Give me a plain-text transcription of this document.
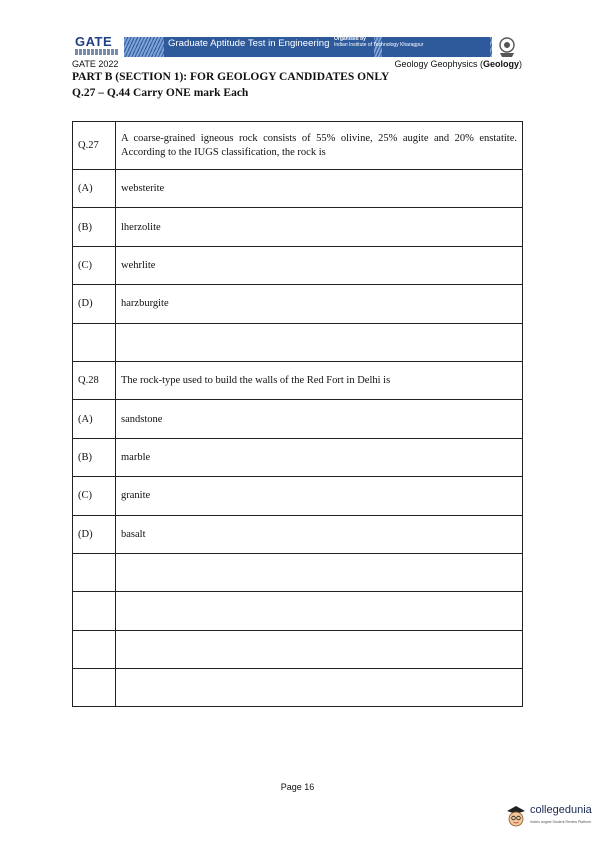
GATE	Graduate Aptitude Test in Engineering Organised by
Indian Institute of Technology Kharagpur
GATE 2022	Geology Geophysics (Geology)
PART B (SECTION 1): FOR GEOLOGY CANDIDATES ONLY
Q.27 – Q.44 Carry ONE mark Each
Q.27	A coarse-grained igneous rock consists of 55% olivine, 25% augite and 20% enstatite. According to the IUGS classification, the rock is
(A)	websterite
(B)	lherzolite
(C)	wehrlite
(D)	harzburgite

Q.28	The rock-type used to build the walls of the Red Fort in Delhi is
(A)	sandstone
(B)	marble
(C)	granite
(D)	basalt

Page 16
collegedunia
India's largest Student Review Platform
